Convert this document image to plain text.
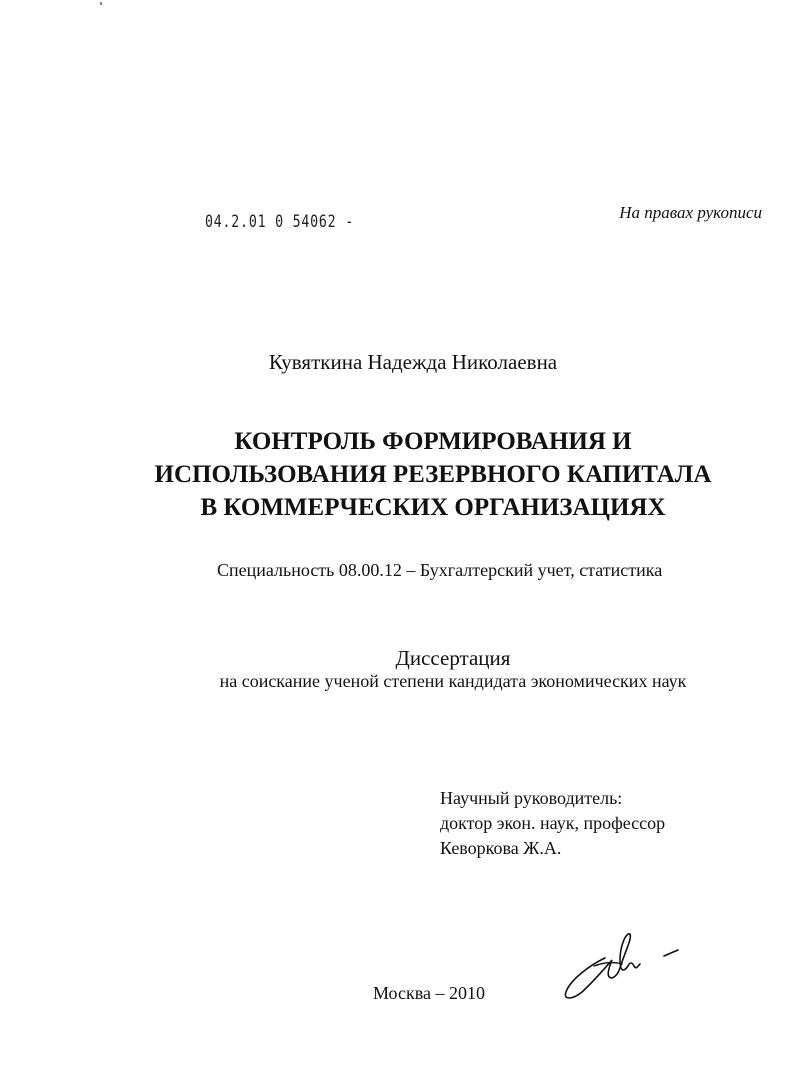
04.2.01 0 54062 -	На правах рукописи
Кувяткина Надежда Николаевна
КОНТРОЛЬ ФОРМИРОВАНИЯ И
ИСПОЛЬЗОВАНИЯ РЕЗЕРВНОГО КАПИТАЛА
В КОММЕРЧЕСКИХ ОРГАНИЗАЦИЯХ
Специальность 08.00.12 – Бухгалтерский учет, статистика
Диссертация
на соискание ученой степени кандидата экономических наук
Научный руководитель:
доктор экон. наук, профессор
Кеворкова Ж.А.
Москва – 2010
